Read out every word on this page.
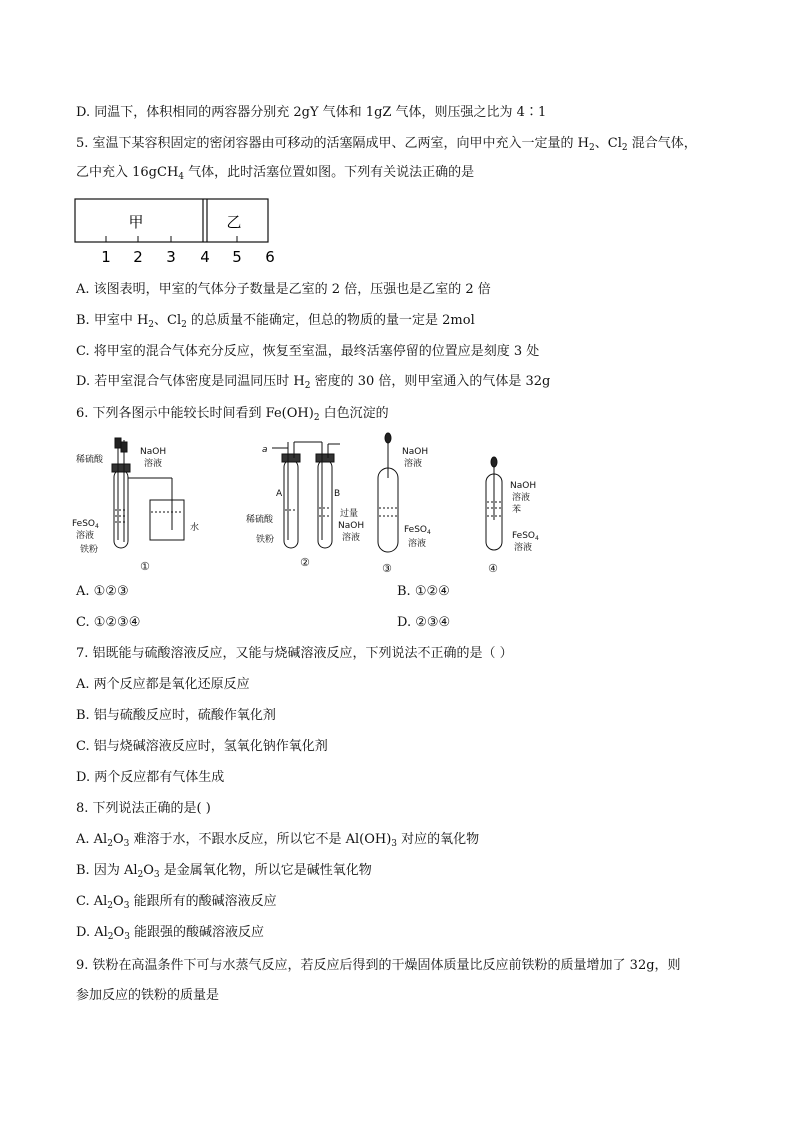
D. 同温下，体积相同的两容器分别充 2gY 气体和 1gZ 气体，则压强之比为 4∶1
5. 室温下某容积固定的密闭容器由可移动的活塞隔成甲、乙两室，向甲中充入一定量的 $H_2$、$Cl_2$ 混合气体，
乙中充入 16gCH$_4$ 气体，此时活塞位置如图。下列有关说法正确的是
甲	乙
1 2 3 4 5 6
A. 该图表明，甲室的气体分子数量是乙室的 2 倍，压强也是乙室的 2 倍
B. 甲室中 $H_2$、$Cl_2$ 的总质量不能确定，但总的物质的量一定是 2mol
C. 将甲室的混合气体充分反应，恢复至室温，最终活塞停留的位置应是刻度 3 处
D. 若甲室混合气体密度是同温同压时 $H_2$ 密度的 30 倍，则甲室通入的气体是 32g
6. 下列各图示中能较长时间看到 $Fe(OH)_2$ 白色沉淀的
稀硫酸
NaOH
溶液
FeSO$_4$
溶液
铁粉
水
①
a
A	B
稀硫酸
铁粉
过量
NaOH
溶液
②
NaOH
溶液
FeSO$_4$
溶液
③
NaOH
溶液
苯
FeSO$_4$
溶液
④
A. ①②③	B. ①②④
C. ①②③④	D. ②③④
7. 铝既能与硫酸溶液反应，又能与烧碱溶液反应，下列说法不正确的是（ ）
A. 两个反应都是氧化还原反应
B. 铝与硫酸反应时，硫酸作氧化剂
C. 铝与烧碱溶液反应时，氢氧化钠作氧化剂
D. 两个反应都有气体生成
8. 下列说法正确的是( )
A. $Al_2O_3$ 难溶于水，不跟水反应，所以它不是 $Al(OH)_3$ 对应的氧化物
B. 因为 $Al_2O_3$ 是金属氧化物，所以它是碱性氧化物
C. $Al_2O_3$ 能跟所有的酸碱溶液反应
D. $Al_2O_3$ 能跟强的酸碱溶液反应
9. 铁粉在高温条件下可与水蒸气反应，若反应后得到的干燥固体质量比反应前铁粉的质量增加了 32g，则
参加反应的铁粉的质量是
